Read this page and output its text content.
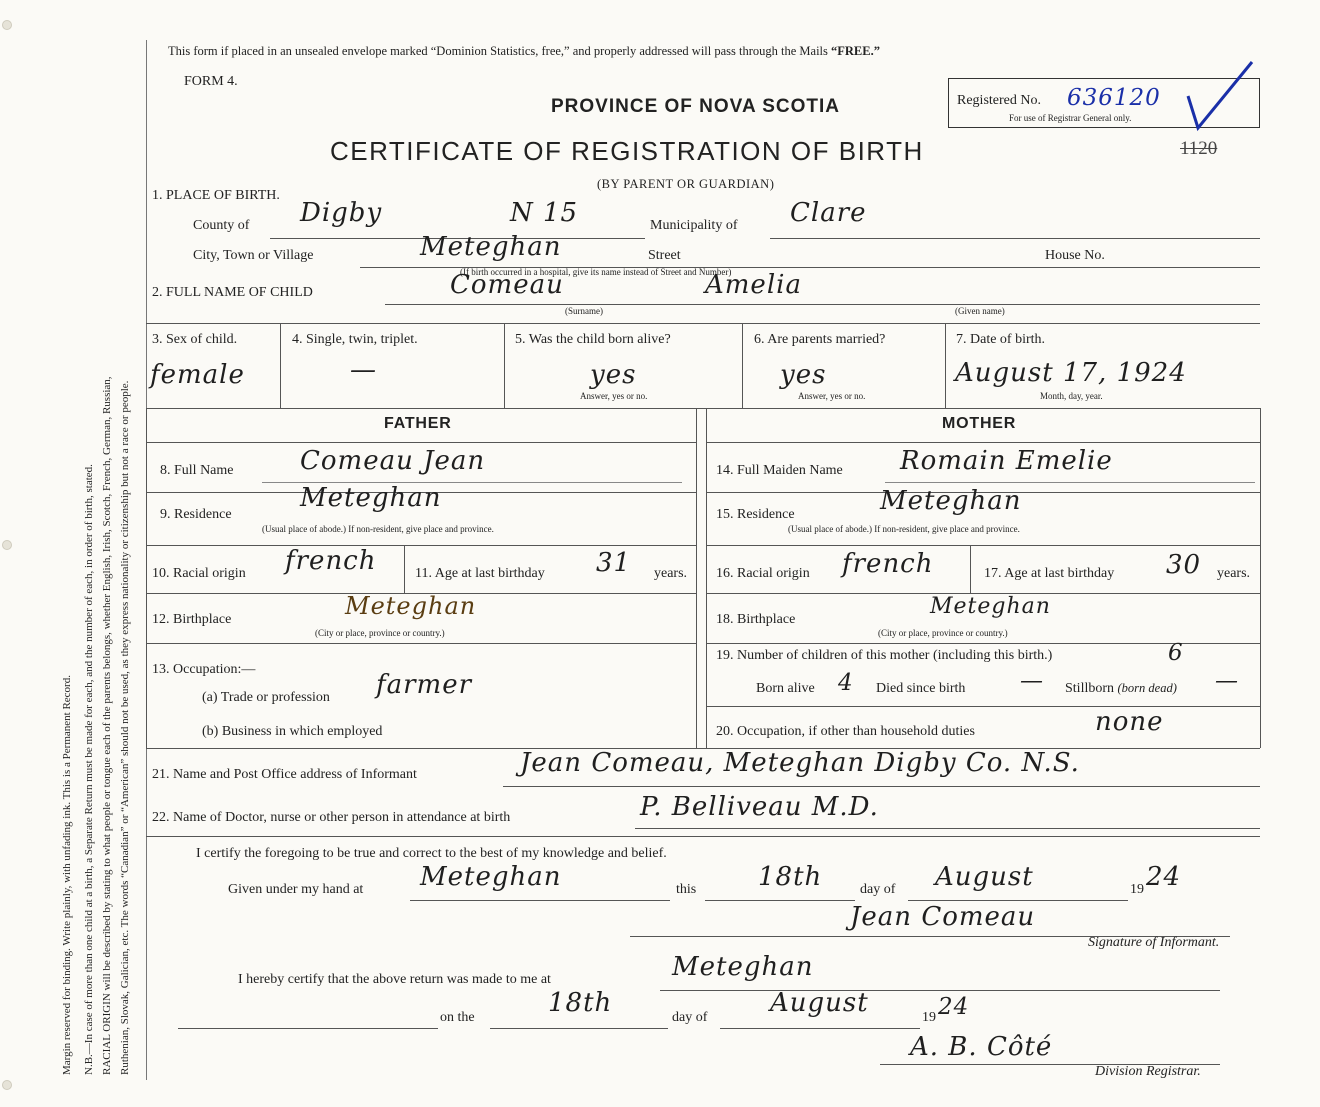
Margin reserved for binding. Write plainly, with unfading ink. This is a Permanent Record. N.B.—In case of more than one child at a birth, a Separate Return must be made for each, and the number of each, in order of birth, stated. RACIAL ORIGIN will be described by stating to what people or tongue each of the parents belongs, whether English, Irish, Scotch, French, German, Russian, Ruthenian, Slovak, Galician, etc. The words “Canadian” or “American” should not be used, as they express nationality or citizenship but not a race or people.
This form if placed in an unsealed envelope marked “Dominion Statistics, free,” and properly addressed will pass through the Mails “FREE.”
FORM 4.
PROVINCE OF NOVA SCOTIA
CERTIFICATE OF REGISTRATION OF BIRTH
(BY PARENT OR GUARDIAN)
Registered No. 636120
For use of Registrar General only.
1120
1. PLACE OF BIRTH.
County of Digby	N 15	Municipality of Clare
City, Town or Village	Meteghan	Street	House No.
(If birth occurred in a hospital, give its name instead of Street and Number)
2. FULL NAME OF CHILD	Comeau	Amelia
(Surname)	(Given name)
3. Sex of child.
female
4. Single, twin, triplet.
—
5. Was the child born alive?
yes
Answer, yes or no.
6. Are parents married?
yes
Answer, yes or no.
7. Date of birth.
August 17, 1924
Month, day, year.
FATHER	MOTHER
8. Full Name	Comeau Jean
9. Residence
Meteghan
(Usual place of abode.) If non-resident, give place and province.
10. Racial origin french	11. Age at last birthday 31 years.
12. Birthplace	Meteghan
(City or place, province or country.)
13. Occupation:—
(a) Trade or profession farmer
(b) Business in which employed
14. Full Maiden Name Romain Emelie
15. Residence	Meteghan
(Usual place of abode.) If non-resident, give place and province.
16. Racial origin french	17. Age at last birthday 30 years.
18. Birthplace
Meteghan
(City or place, province or country.)
19. Number of children of this mother (including this birth.)	6
Born alive 4 Died since birth — Stillborn (born dead) —
20. Occupation, if other than household duties	none
21. Name and Post Office address of Informant	Jean Comeau, Meteghan Digby Co. N.S.
22. Name of Doctor, nurse or other person in attendance at birth	P. Belliveau M.D.
I certify the foregoing to be true and correct to the best of my knowledge and belief.
Given under my hand at Meteghan	this 18th	day of August	19 24
Jean Comeau
Signature of Informant.
I hereby certify that the above return was made to me at	Meteghan
on the	18th	day of August	19 24
A. B. Côté
Division Registrar.
